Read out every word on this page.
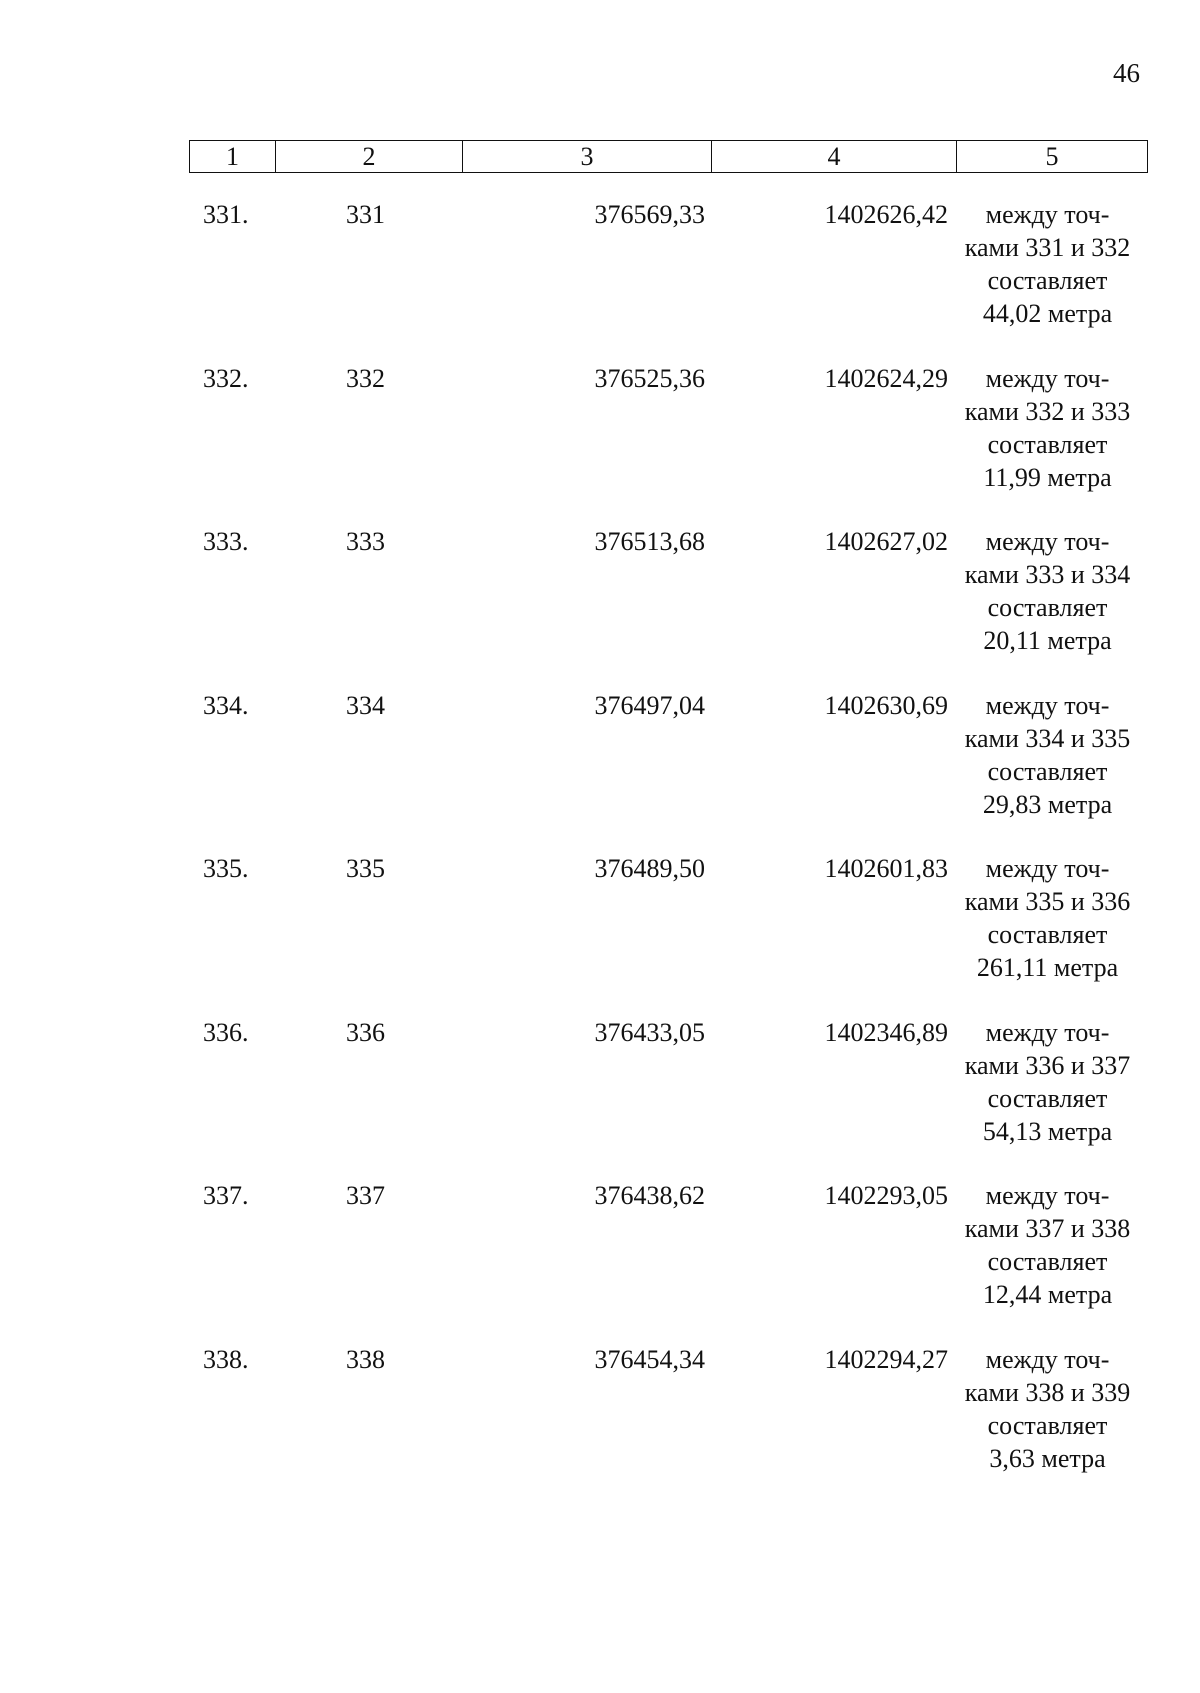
46
1	2	3	4	5
331.	331	376569,33	1402626,42	между точ-
ками 331 и 332
составляет
44,02 метра
332.	332	376525,36	1402624,29	между точ-
ками 332 и 333
составляет
11,99 метра
333.	333	376513,68	1402627,02	между точ-
ками 333 и 334
составляет
20,11 метра
334.	334	376497,04	1402630,69	между точ-
ками 334 и 335
составляет
29,83 метра
335.	335	376489,50	1402601,83	между точ-
ками 335 и 336
составляет
261,11 метра
336.	336	376433,05	1402346,89	между точ-
ками 336 и 337
составляет
54,13 метра
337.	337	376438,62	1402293,05	между точ-
ками 337 и 338
составляет
12,44 метра
338.	338	376454,34	1402294,27	между точ-
ками 338 и 339
составляет
3,63 метра
